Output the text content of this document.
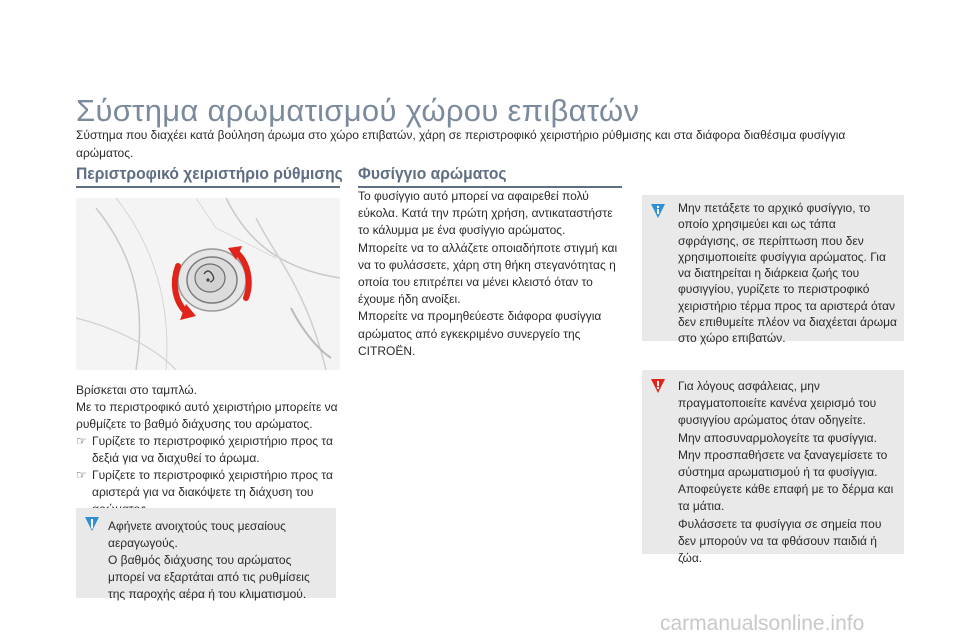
Σύστημα αρωματισμού χώρου επιβατών

Σύστημα που διαχέει κατά βούληση άρωμα στο χώρο επιβατών, χάρη σε περιστροφικό χειριστήριο ρύθμισης και στα διάφορα διαθέσιμα φυσίγγια αρώματος.

Περιστροφικό χειριστήριο ρύθμισης Φυσίγγιο αρώματος
Βρίσκεται στο ταμπλώ.
Με το περιστροφικό αυτό χειριστήριο μπορείτε να ρυθμίζετε το βαθμό διάχυσης του αρώματος.
☞ Γυρίζετε το περιστροφικό χειριστήριο προς τα δεξιά για να διαχυθεί το άρωμα.
☞ Γυρίζετε το περιστροφικό χειριστήριο προς τα αριστερά για να διακόψετε τη διάχυση του
Αφήνετε ανοιχτούς τους μεσαίους αεραγωγούς.
Ο βαθμός διάχυσης του αρώματος μπορεί να εξαρτάται από τις ρυθμίσεις της παροχής αέρα ή του κλιματισμού.
Το φυσίγγιο αυτό μπορεί να αφαιρεθεί πολύ εύκολα. Κατά την πρώτη χρήση, αντικαταστήστε το κάλυμμα με ένα φυσίγγιο αρώματος.
Μπορείτε να το αλλάζετε οποιαδήποτε στιγμή και να το φυλάσσετε, χάρη στη θήκη στεγανότητας η οποία του επιτρέπει να μένει κλειστό όταν το έχουμε ήδη ανοίξει.
Μπορείτε να προμηθεύεστε διάφορα φυσίγγια αρώματος από εγκεκριμένο συνεργείο της CITROËN.
Μην πετάξετε το αρχικό φυσίγγιο, το οποίο χρησιμεύει και ως τάπα σφράγισης, σε περίπτωση που δεν χρησιμοποιείτε φυσίγγια αρώματος. Για να διατηρείται η διάρκεια ζωής του φυσιγγίου, γυρίζετε το περιστροφικό χειριστήριο τέρμα προς τα αριστερά όταν δεν επιθυμείτε πλέον να διαχέεται άρωμα στο χώρο επιβατών.
Για λόγους ασφάλειας, μην πραγματοποιείτε κανένα χειρισμό του φυσιγγίου αρώματος όταν οδηγείτε.
Μην αποσυναρμολογείτε τα φυσίγγια.
Μην προσπαθήσετε να ξαναγεμίσετε το σύστημα αρωματισμού ή τα φυσίγγια.
Αποφεύγετε κάθε επαφή με το δέρμα και τα μάτια.
Φυλάσσετε τα φυσίγγια σε σημεία που δεν μπορούν να τα φθάσουν παιδιά ή ζώα.
carmanualsonline.info
